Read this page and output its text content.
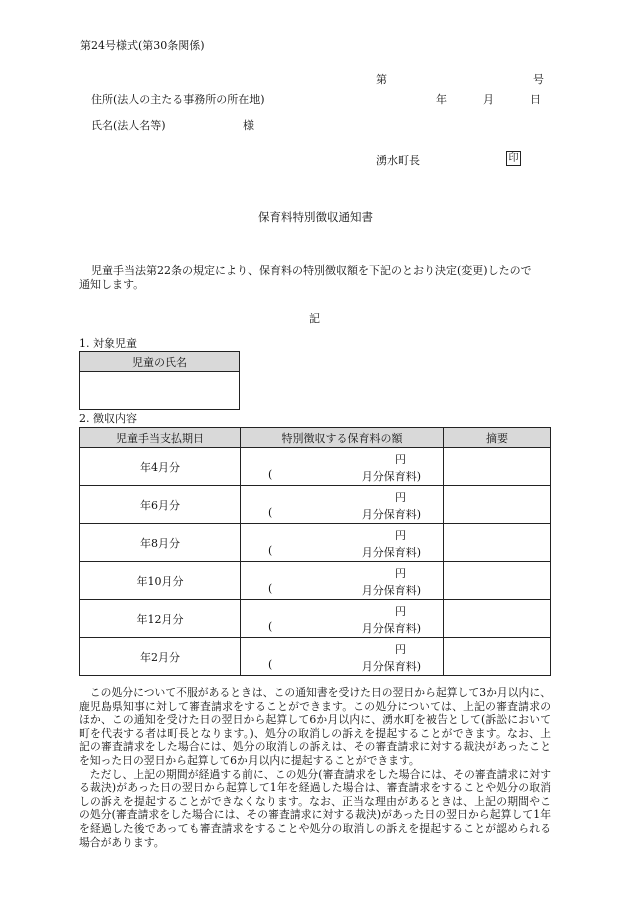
第24号様式(第30条関係)
第	号
住所(法人の主たる事務所の所在地)	年	月	日
氏名(法人名等)	様
湧水町長	印
保育料特別徴収通知書
児童手当法第22条の規定により、保育料の特別徴収額を下記のとおり決定(変更)したので
通知します。
記
1. 対象児童
児童の氏名

2. 徴収内容
児童手当支払期日	特別徴収する保育料の額	摘要
年4月分	円
( 月分保育料)	

年6月分	円
( 月分保育料)	

年8月分	円
( 月分保育料)	

年10月分	円
( 月分保育料)	

年12月分	円
( 月分保育料)	

年2月分	円
( 月分保育料)	

この処分について不服があるときは、この通知書を受けた日の翌日から起算して3か月以内に、鹿児島県知事に対して審査請求をすることができます。この処分については、上記の審査請求のほか、この通知を受けた日の翌日から起算して6か月以内に、湧水町を被告として(訴訟において町を代表する者は町長となります。)、処分の取消しの訴えを提起することができます。なお、上記の審査請求をした場合には、処分の取消しの訴えは、その審査請求に対する裁決があったことを知った日の翌日から起算して6か月以内に提起することができます。

ただし、上記の期間が経過する前に、この処分(審査請求をした場合には、その審査請求に対する裁決)があった日の翌日から起算して1年を経過した場合は、審査請求をすることや処分の取消しの訴えを提起することができなくなります。なお、正当な理由があるときは、上記の期間やこの処分(審査請求をした場合には、その審査請求に対する裁決)があった日の翌日から起算して1年を経過した後であっても審査請求をすることや処分の取消しの訴えを提起することが認められる場合があります。
